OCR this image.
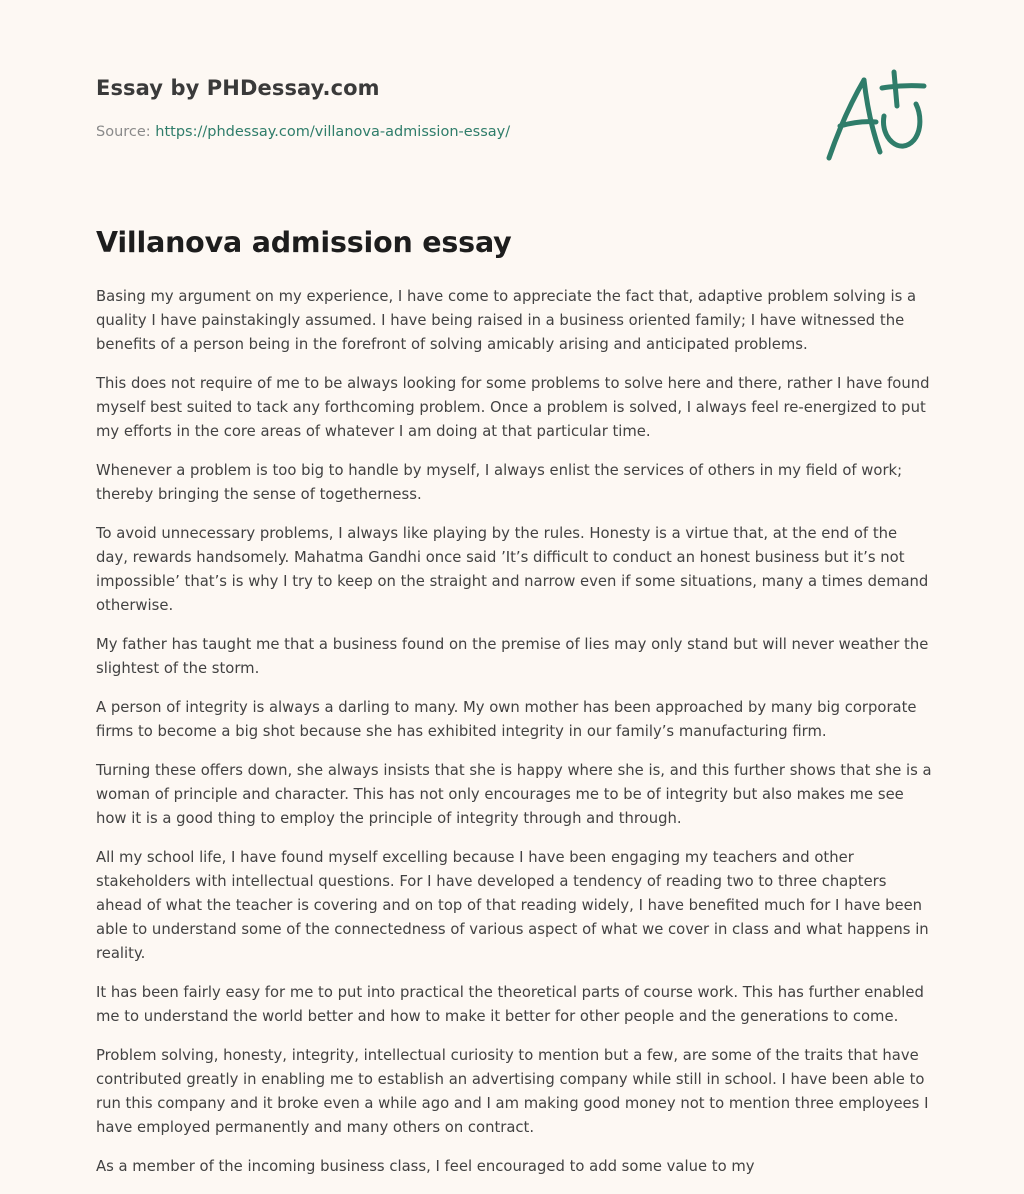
Essay by PHDessay.com
Source: https://phdessay.com/villanova-admission-essay/
Villanova admission essay

Basing my argument on my experience, I have come to appreciate the fact that, adaptive problem solving is a quality I have painstakingly assumed. I have being raised in a business oriented family; I have witnessed the benefits of a person being in the forefront of solving amicably arising and anticipated problems.

This does not require of me to be always looking for some problems to solve here and there, rather I have found myself best suited to tack any forthcoming problem. Once a problem is solved, I always feel re-energized to put my efforts in the core areas of whatever I am doing at that particular time.

Whenever a problem is too big to handle by myself, I always enlist the services of others in my field of work; thereby bringing the sense of togetherness.

To avoid unnecessary problems, I always like playing by the rules. Honesty is a virtue that, at the end of the day, rewards handsomely. Mahatma Gandhi once said ’It’s difficult to conduct an honest business but it’s not impossible’ that’s is why I try to keep on the straight and narrow even if some situations, many a times demand otherwise.

My father has taught me that a business found on the premise of lies may only stand but will never weather the slightest of the storm.

A person of integrity is always a darling to many. My own mother has been approached by many big corporate firms to become a big shot because she has exhibited integrity in our family’s manufacturing firm.

Turning these offers down, she always insists that she is happy where she is, and this further shows that she is a woman of principle and character. This has not only encourages me to be of integrity but also makes me see how it is a good thing to employ the principle of integrity through and through.

All my school life, I have found myself excelling because I have been engaging my teachers and other stakeholders with intellectual questions. For I have developed a tendency of reading two to three chapters ahead of what the teacher is covering and on top of that reading widely, I have benefited much for I have been able to understand some of the connectedness of various aspect of what we cover in class and what happens in reality.

It has been fairly easy for me to put into practical the theoretical parts of course work. This has further enabled me to understand the world better and how to make it better for other people and the generations to come.

Problem solving, honesty, integrity, intellectual curiosity to mention but a few, are some of the traits that have contributed greatly in enabling me to establish an advertising company while still in school. I have been able to run this company and it broke even a while ago and I am making good money not to mention three employees I have employed permanently and many others on contract.

As a member of the incoming business class, I feel encouraged to add some value to my
